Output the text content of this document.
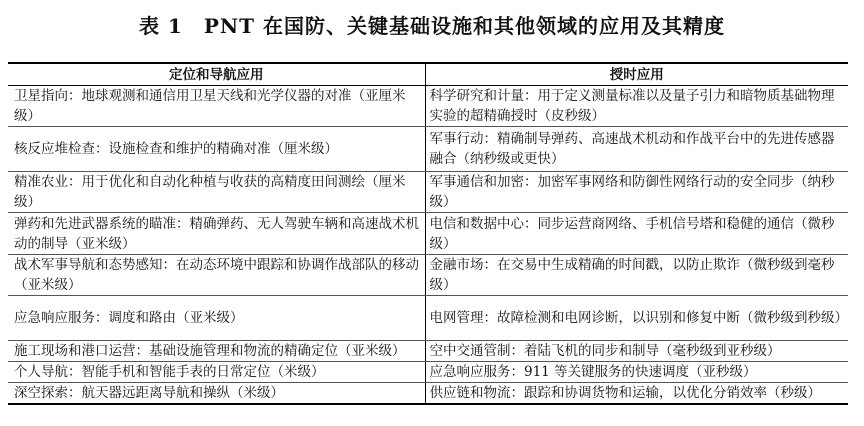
表 1　PNT 在国防、关键基础设施和其他领域的应用及其精度
定位和导航应用	授时应用
卫星指向：地球观测和通信用卫星天线和光学仪器的对准（亚厘米级）	科学研究和计量：用于定义测量标准以及量子引力和暗物质基础物理实验的超精确授时（皮秒级）
核反应堆检查：设施检查和维护的精确对准（厘米级）	军事行动：精确制导弹药、高速战术机动和作战平台中的先进传感器融合（纳秒级或更快）
精准农业：用于优化和自动化种植与收获的高精度田间测绘（厘米级）	军事通信和加密：加密军事网络和防御性网络行动的安全同步（纳秒级）
弹药和先进武器系统的瞄准：精确弹药、无人驾驶车辆和高速战术机动的制导（亚米级）	电信和数据中心：同步运营商网络、手机信号塔和稳健的通信（微秒级）
战术军事导航和态势感知：在动态环境中跟踪和协调作战部队的移动（亚米级）	金融市场：在交易中生成精确的时间戳，以防止欺诈（微秒级到毫秒级）
应急响应服务：调度和路由（亚米级）	电网管理：故障检测和电网诊断，以识别和修复中断（微秒级到秒级）
施工现场和港口运营：基础设施管理和物流的精确定位（亚米级）	空中交通管制：着陆飞机的同步和制导（毫秒级到亚秒级）
个人导航：智能手机和智能手表的日常定位（米级）	应急响应服务：911 等关键服务的快速调度（亚秒级）
深空探索：航天器远距离导航和操纵（米级）	供应链和物流：跟踪和协调货物和运输，以优化分销效率（秒级）
